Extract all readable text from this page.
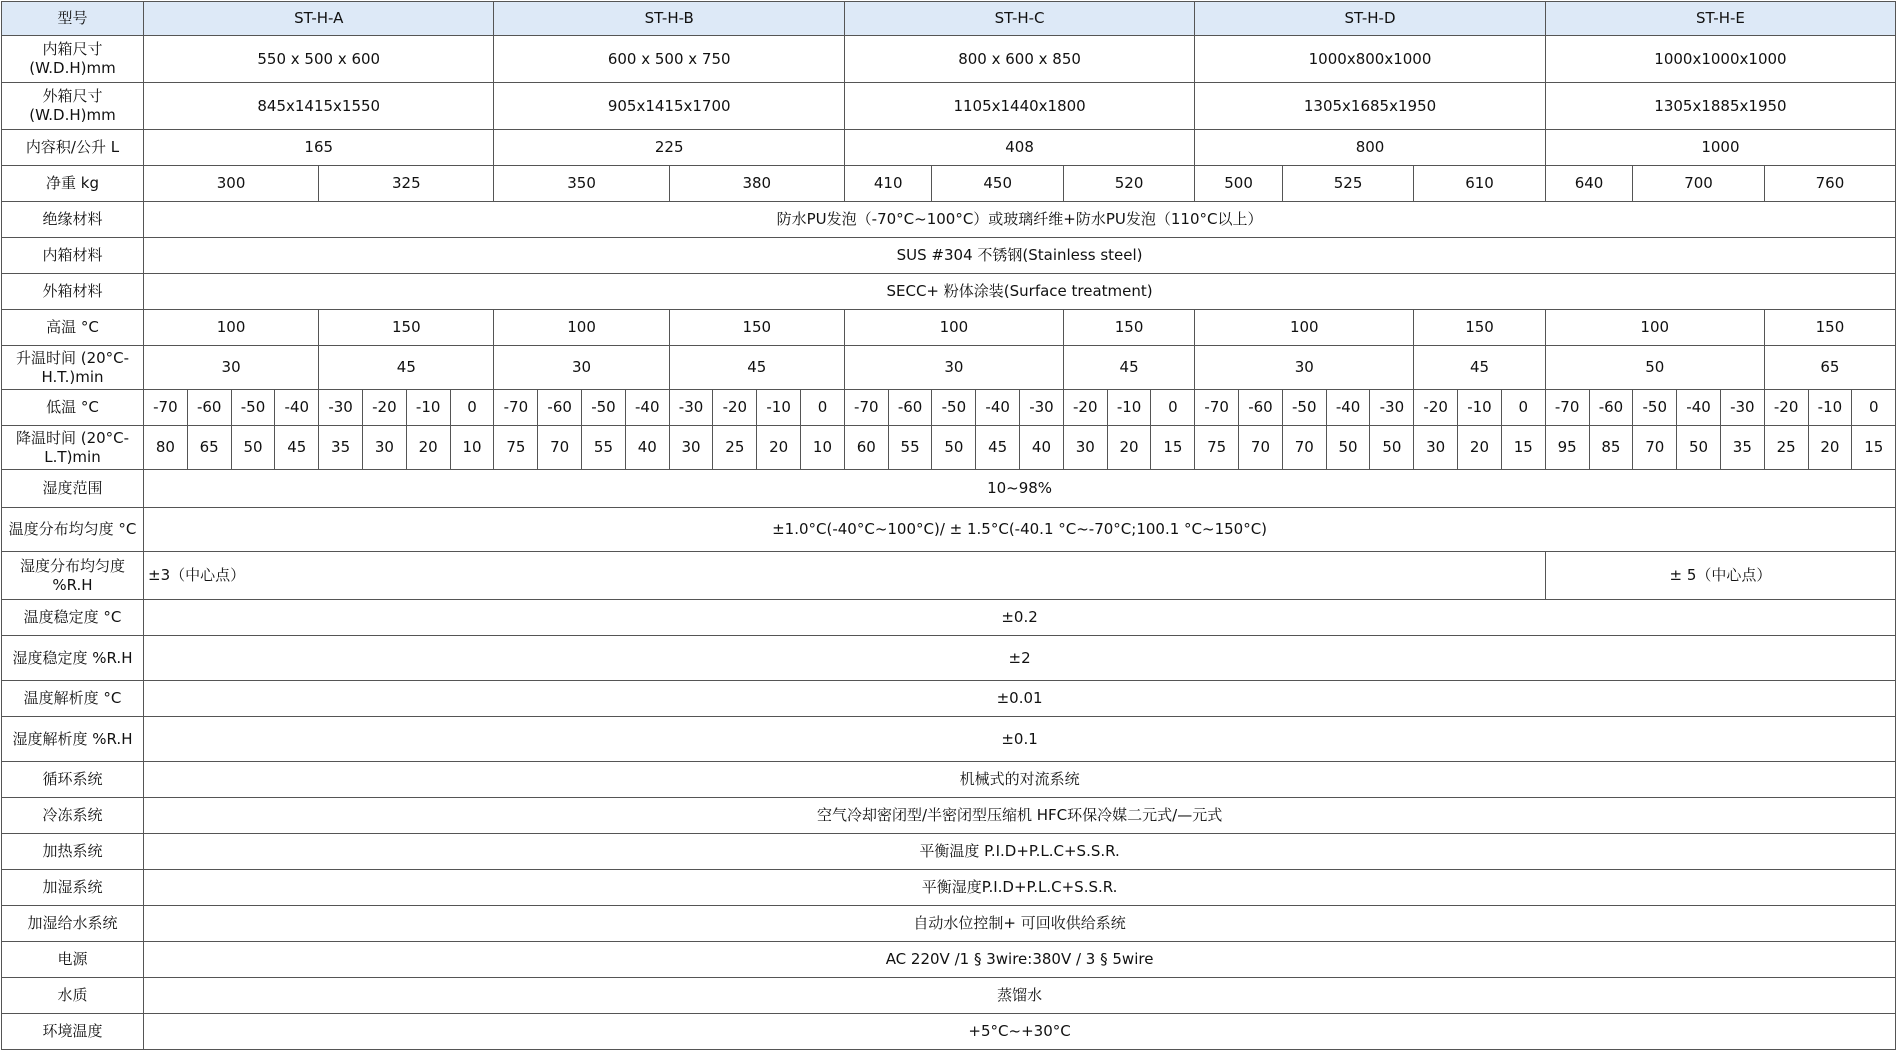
型号	ST-H-A								ST-H-B								ST-H-C								ST-H-D								ST-H-E							
内箱尺寸 (W.D.H)mm	550 x 500 x 600								600 x 500 x 750								800 x 600 x 850								1000x800x1000								1000x1000x1000							
外箱尺寸 (W.D.H)mm	845x1415x1550								905x1415x1700								1105x1440x1800								1305x1685x1950								1305x1885x1950							
内容积/公升 L	165								225								408								800								1000							
净重 kg	300				325				350				380				410		450			520			500		525			610			640		700			760		
绝缘材料	防水PU发泡（-70°C~100°C）或玻璃纤维+防水PU发泡（110°C以上）																																							
内箱材料	SUS #304 不锈钢(Stainless steel)																																							
外箱材料	SECC+ 粉体涂装(Surface treatment)																																							
高温 °C	100				150				100				150				100					150			100					150			100					150		
升温时间 (20°C-H.T.)min	30				45				30				45				30					45			30					45			50					65		
低温 °C	-70	-60	-50	-40	-30	-20	-10	0	-70	-60	-50	-40	-30	-20	-10	0	-70	-60	-50	-40	-30	-20	-10	0	-70	-60	-50	-40	-30	-20	-10	0	-70	-60	-50	-40	-30	-20	-10	0
降温时间 (20°C-L.T)min	80	65	50	45	35	30	20	10	75	70	55	40	30	25	20	10	60	55	50	45	40	30	20	15	75	70	70	50	50	30	20	15	95	85	70	50	35	25	20	15
湿度范围	10~98%																																							
温度分布均匀度 °C	±1.0°C(-40°C~100°C)/ ± 1.5°C(-40.1 °C~-70°C;100.1 °C~150°C)																																							
湿度分布均匀度 %R.H	±3（中心点）																																± 5（中心点）							
温度稳定度 °C	±0.2																																							
湿度稳定度 %R.H	±2																																							
温度解析度 °C	±0.01																																							
湿度解析度 %R.H	±0.1																																							
循环系统	机械式的对流系统																																							
冷冻系统	空气冷却密闭型/半密闭型压缩机 HFC环保冷媒二元式/—元式																																							
加热系统	平衡温度 P.I.D+P.L.C+S.S.R.																																							
加湿系统	平衡湿度P.I.D+P.L.C+S.S.R.																																							
加湿给水系统	自动水位控制+ 可回收供给系统																																							
电源	AC 220V /1 § 3wire:380V / 3 § 5wire																																							
水质	蒸馏水																																							
环境温度	+5°C~+30°C																																							
